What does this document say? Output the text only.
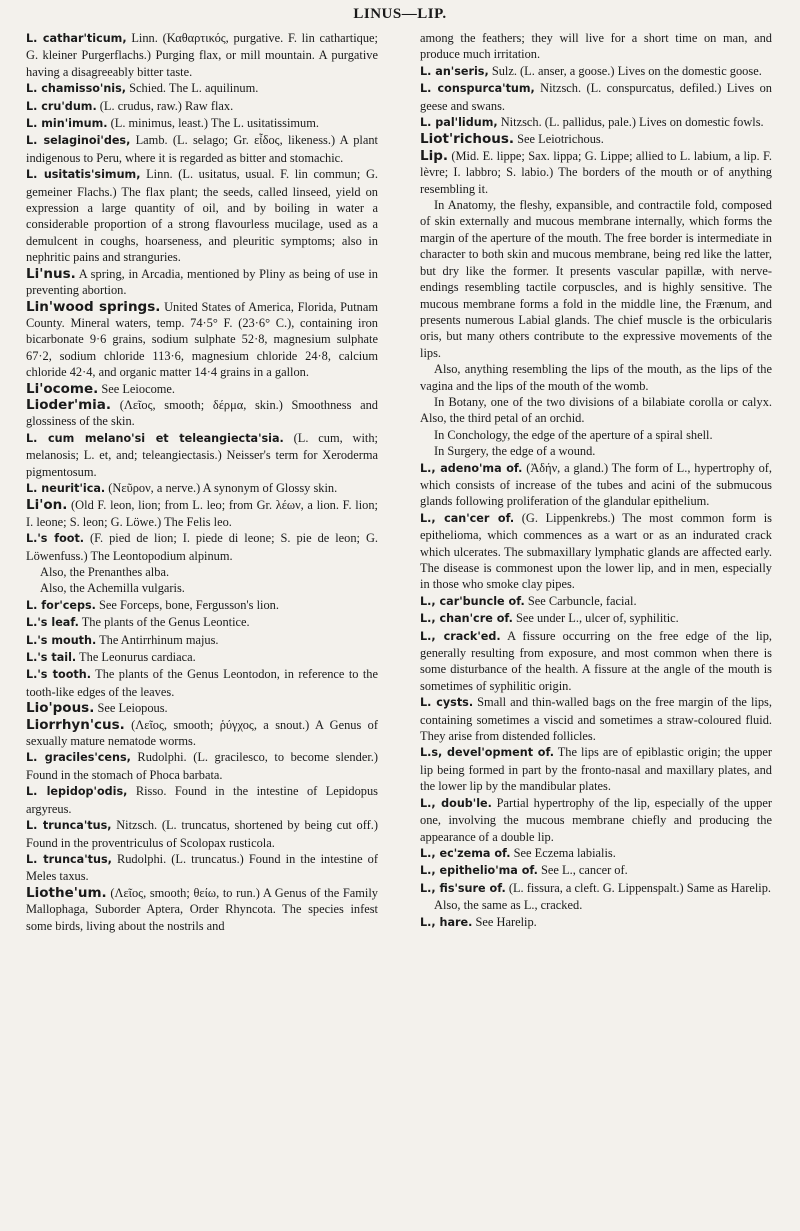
LINUS—LIP.

L. cathar'ticum, Linn. (Καθαρτικός, purgative. F. lin cathartique; G. kleiner Purgerflachs.) Purging flax, or mill mountain. A purgative having a disagreeably bitter taste.

L. chamisso'nis, Schied. The L. aquilinum.

L. cru'dum. (L. crudus, raw.) Raw flax.

L. min'imum. (L. minimus, least.) The L. usitatissimum.

L. selaginoi'des, Lamb. (L. selago; Gr. εἶδος, likeness.) A plant indigenous to Peru, where it is regarded as bitter and stomachic.

L. usitatis'simum, Linn. (L. usitatus, usual. F. lin commun; G. gemeiner Flachs.) The flax plant; the seeds, called linseed, yield on expression a large quantity of oil, and by boiling in water a considerable proportion of a strong flavourless mucilage, used as a demulcent in coughs, hoarseness, and pleuritic symptoms; also in nephritic pains and stranguries.

Li'nus. A spring, in Arcadia, mentioned by Pliny as being of use in preventing abortion.

Lin'wood springs. United States of America, Florida, Putnam County. Mineral waters, temp. 74·5° F. (23·6° C.), containing iron bicarbonate 9·6 grains, sodium sulphate 52·8, magnesium sulphate 67·2, sodium chloride 113·6, magnesium chloride 24·8, calcium chloride 42·4, and organic matter 14·4 grains in a gallon.

Li'ocome. See Leiocome.

Lioder'mia. (Λεῖος, smooth; δέρμα, skin.) Smoothness and glossiness of the skin.

L. cum melano'si et teleangiecta'sia. (L. cum, with; melanosis; L. et, and; teleangiectasis.) Neisser's term for Xeroderma pigmentosum.

L. neurit'ica. (Νεῦρον, a nerve.) A synonym of Glossy skin.

Li'on. (Old F. leon, lion; from L. leo; from Gr. λέων, a lion. F. lion; I. leone; S. leon; G. Löwe.) The Felis leo.

L.'s foot. (F. pied de lion; I. piede di leone; S. pie de leon; G. Löwenfuss.) The Leontopodium alpinum.

Also, the Prenanthes alba.

Also, the Achemilla vulgaris.

L. for'ceps. See Forceps, bone, Fergusson's lion.

L.'s leaf. The plants of the Genus Leontice.

L.'s mouth. The Antirrhinum majus.

L.'s tail. The Leonurus cardiaca.

L.'s tooth. The plants of the Genus Leontodon, in reference to the tooth-like edges of the leaves.

Lio'pous. See Leiopous.

Liorrhyn'cus. (Λεῖος, smooth; ῥύγχος, a snout.) A Genus of sexually mature nematode worms.

L. graciles'cens, Rudolphi. (L. gracilesco, to become slender.) Found in the stomach of Phoca barbata.

L. lepidop'odis, Risso. Found in the intestine of Lepidopus argyreus.

L. trunca'tus, Nitzsch. (L. truncatus, shortened by being cut off.) Found in the proventriculus of Scolopax rusticola.

L. trunca'tus, Rudolphi. (L. truncatus.) Found in the intestine of Meles taxus.

Liothe'um. (Λεῖος, smooth; θείω, to run.) A Genus of the Family Mallophaga, Suborder Aptera, Order Rhyncota. The species infest some birds, living about the nostrils and

among the feathers; they will live for a short time on man, and produce much irritation.

L. an'seris, Sulz. (L. anser, a goose.) Lives on the domestic goose.

L. conspurca'tum, Nitzsch. (L. conspurcatus, defiled.) Lives on geese and swans.

L. pal'lidum, Nitzsch. (L. pallidus, pale.) Lives on domestic fowls.

Liot'richous. See Leiotrichous.

Lip. (Mid. E. lippe; Sax. lippa; G. Lippe; allied to L. labium, a lip. F. lèvre; I. labbro; S. labio.) The borders of the mouth or of anything resembling it.

In Anatomy, the fleshy, expansible, and contractile fold, composed of skin externally and mucous membrane internally, which forms the margin of the aperture of the mouth. The free border is intermediate in character to both skin and mucous membrane, being red like the latter, but dry like the former. It presents vascular papillæ, with nerve-endings resembling tactile corpuscles, and is highly sensitive. The mucous membrane forms a fold in the middle line, the Frænum, and presents numerous Labial glands. The chief muscle is the orbicularis oris, but many others contribute to the expressive movements of the lips.

Also, anything resembling the lips of the mouth, as the lips of the vagina and the lips of the mouth of the womb.

In Botany, one of the two divisions of a bilabiate corolla or calyx. Also, the third petal of an orchid.

In Conchology, the edge of the aperture of a spiral shell.

In Surgery, the edge of a wound.

L., adeno'ma of. (Ἀδήν, a gland.) The form of L., hypertrophy of, which consists of increase of the tubes and acini of the submucous glands following proliferation of the glandular epithelium.

L., can'cer of. (G. Lippenkrebs.) The most common form is epithelioma, which commences as a wart or as an indurated crack which ulcerates. The submaxillary lymphatic glands are affected early. The disease is commonest upon the lower lip, and in men, especially in those who smoke clay pipes.

L., car'buncle of. See Carbuncle, facial.

L., chan'cre of. See under L., ulcer of, syphilitic.

L., crack'ed. A fissure occurring on the free edge of the lip, generally resulting from exposure, and most common when there is some disturbance of the health. A fissure at the angle of the mouth is sometimes of syphilitic origin.

L. cysts. Small and thin-walled bags on the free margin of the lips, containing sometimes a viscid and sometimes a straw-coloured fluid. They arise from distended follicles.

L.s, devel'opment of. The lips are of epiblastic origin; the upper lip being formed in part by the fronto-nasal and maxillary plates, and the lower lip by the mandibular plates.

L., doub'le. Partial hypertrophy of the lip, especially of the upper one, involving the mucous membrane chiefly and producing the appearance of a double lip.

L., ec'zema of. See Eczema labialis.

L., epithelio'ma of. See L., cancer of.

L., fis'sure of. (L. fissura, a cleft. G. Lippenspalt.) Same as Harelip.

Also, the same as L., cracked.

L., hare. See Harelip.
